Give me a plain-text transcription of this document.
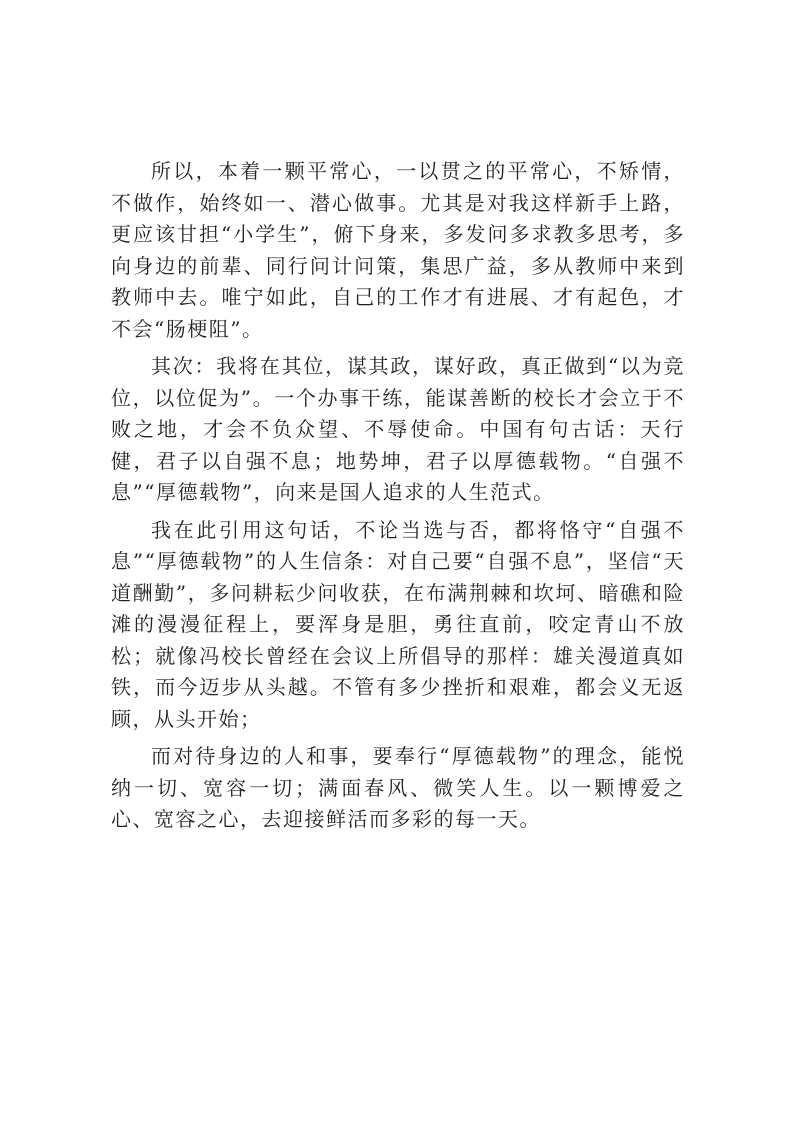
所以，本着一颗平常心，一以贯之的平常心，不矫情，不做作，始终如一、潜心做事。尤其是对我这样新手上路，更应该甘担“小学生”，俯下身来，多发问多求教多思考，多向身边的前辈、同行问计问策，集思广益，多从教师中来到教师中去。唯宁如此，自己的工作才有进展、才有起色，才不会“肠梗阻”。

其次：我将在其位，谋其政，谋好政，真正做到“以为竞位，以位促为”。一个办事干练，能谋善断的校长才会立于不败之地，才会不负众望、不辱使命。中国有句古话：天行健，君子以自强不息；地势坤，君子以厚德载物。“自强不息”“厚德载物”，向来是国人追求的人生范式。

我在此引用这句话，不论当选与否，都将恪守“自强不息”“厚德载物”的人生信条：对自己要“自强不息”，坚信“天道酬勤”，多问耕耘少问收获，在布满荆棘和坎坷、暗礁和险滩的漫漫征程上，要浑身是胆，勇往直前，咬定青山不放松；就像冯校长曾经在会议上所倡导的那样：雄关漫道真如铁，而今迈步从头越。不管有多少挫折和艰难，都会义无返顾，从头开始；

而对待身边的人和事，要奉行“厚德载物”的理念，能悦纳一切、宽容一切；满面春风、微笑人生。以一颗博爱之心、宽容之心，去迎接鲜活而多彩的每一天。
